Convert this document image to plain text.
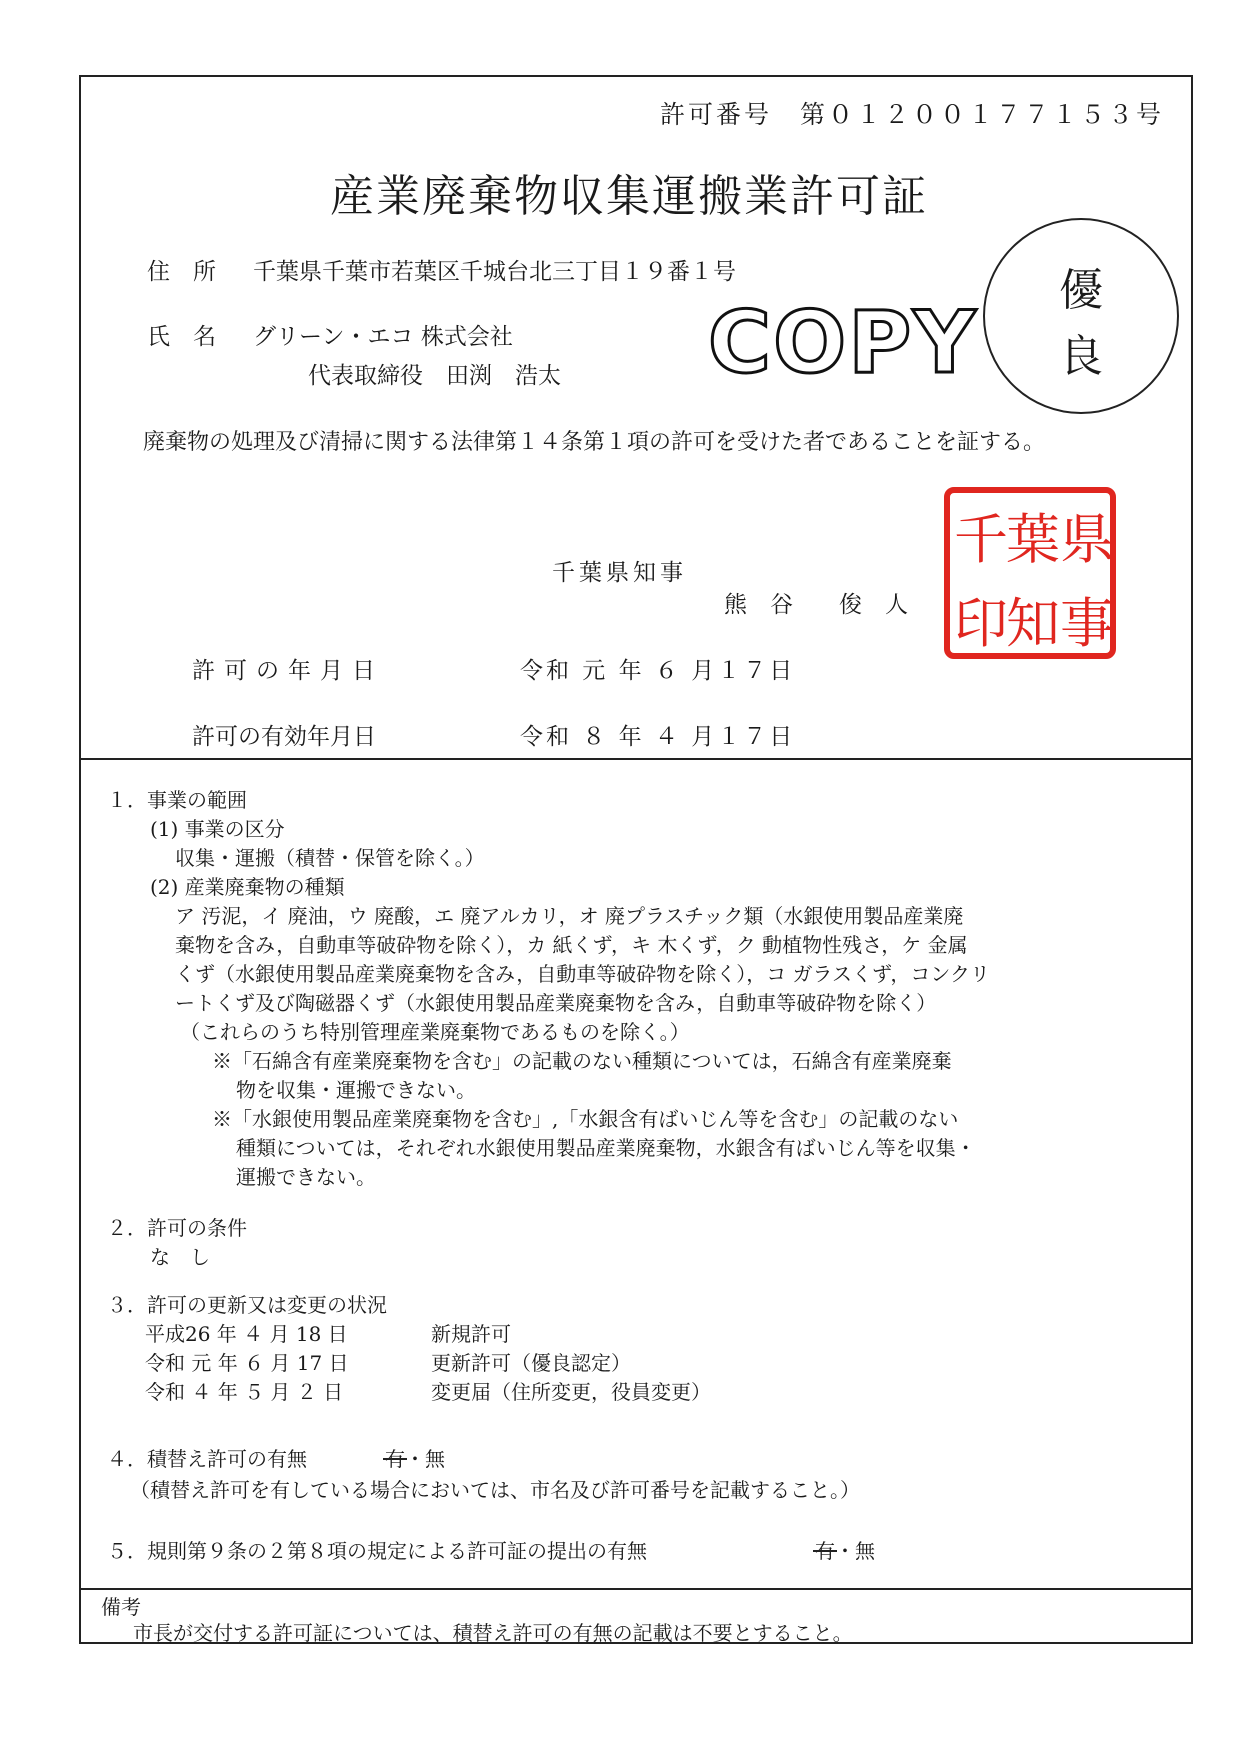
許可番号　第０１２００１７７１５３号
産業廃棄物収集運搬業許可証
住　所 千葉県千葉市若葉区千城台北三丁目１９番１号
氏　名 グリーン・エコ 株式会社
代表取締役　田渕　浩太 COPY
優
良
廃棄物の処理及び清掃に関する法律第１４条第１項の許可を受けた者であることを証する。
千葉県知事
熊　谷　　俊　人
県
事
葉
知
千
印
許可の年月日	令和 元 年 ６ 月１７日
許可の有効年月日	令和 ８ 年 ４ 月１７日
１．事業の範囲
(1) 事業の区分
収集・運搬（積替・保管を除く。）
(2) 産業廃棄物の種類
ア 汚泥，イ 廃油，ウ 廃酸，エ 廃アルカリ，オ 廃プラスチック類（水銀使用製品産業廃
棄物を含み，自動車等破砕物を除く），カ 紙くず，キ 木くず，ク 動植物性残さ，ケ 金属
くず（水銀使用製品産業廃棄物を含み，自動車等破砕物を除く），コ ガラスくず，コンクリ
ートくず及び陶磁器くず（水銀使用製品産業廃棄物を含み，自動車等破砕物を除く）
（これらのうち特別管理産業廃棄物であるものを除く。）
※「石綿含有産業廃棄物を含む」の記載のない種類については，石綿含有産業廃棄
物を収集・運搬できない。
※「水銀使用製品産業廃棄物を含む」,「水銀含有ばいじん等を含む」の記載のない
種類については，それぞれ水銀使用製品産業廃棄物，水銀含有ばいじん等を収集・
運搬できない。
２．許可の条件
な　し
３．許可の更新又は変更の状況
平成26 年 ４ 月 18 日	新規許可
令和 元 年 ６ 月 17 日	更新許可（優良認定）
令和 ４ 年 ５ 月 ２ 日	変更届（住所変更，役員変更）
４．積替え許可の有無	有・無
（積替え許可を有している場合においては、市名及び許可番号を記載すること。）
５．規則第９条の２第８項の規定による許可証の提出の有無	有・無
備考
市長が交付する許可証については、積替え許可の有無の記載は不要とすること。
